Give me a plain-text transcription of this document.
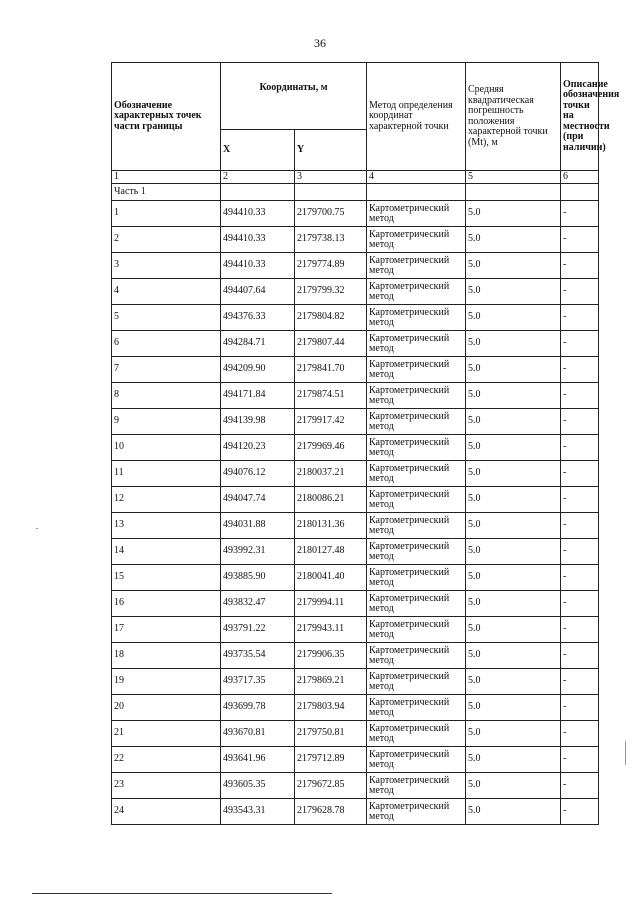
36
Обозначение характерных точек части границы	Координаты, м		Метод определения координат характерной точки	Средняя квадратическая погрешность положения характерной точки (Mt), м	Описание обозначения точки на местности (при наличии)
	X	Y			
1	2	3	4	5	6
Часть 1					
1	494410.33	2179700.75	Картометрический метод	5.0	-
2	494410.33	2179738.13	Картометрический метод	5.0	-
3	494410.33	2179774.89	Картометрический метод	5.0	-
4	494407.64	2179799.32	Картометрический метод	5.0	-
5	494376.33	2179804.82	Картометрический метод	5.0	-
6	494284.71	2179807.44	Картометрический метод	5.0	-
7	494209.90	2179841.70	Картометрический метод	5.0	-
8	494171.84	2179874.51	Картометрический метод	5.0	-
9	494139.98	2179917.42	Картометрический метод	5.0	-
10	494120.23	2179969.46	Картометрический метод	5.0	-
11	494076.12	2180037.21	Картометрический метод	5.0	-
12	494047.74	2180086.21	Картометрический метод	5.0	-
13	494031.88	2180131.36	Картометрический метод	5.0	-
14	493992.31	2180127.48	Картометрический метод	5.0	-
15	493885.90	2180041.40	Картометрический метод	5.0	-
16	493832.47	2179994.11	Картометрический метод	5.0	-
17	493791.22	2179943.11	Картометрический метод	5.0	-
18	493735.54	2179906.35	Картометрический метод	5.0	-
19	493717.35	2179869.21	Картометрический метод	5.0	-
20	493699.78	2179803.94	Картометрический метод	5.0	-
21	493670.81	2179750.81	Картометрический метод	5.0	-
22	493641.96	2179712.89	Картометрический метод	5.0	-
23	493605.35	2179672.85	Картометрический метод	5.0	-
24	493543.31	2179628.78	Картометрический метод	5.0	-
